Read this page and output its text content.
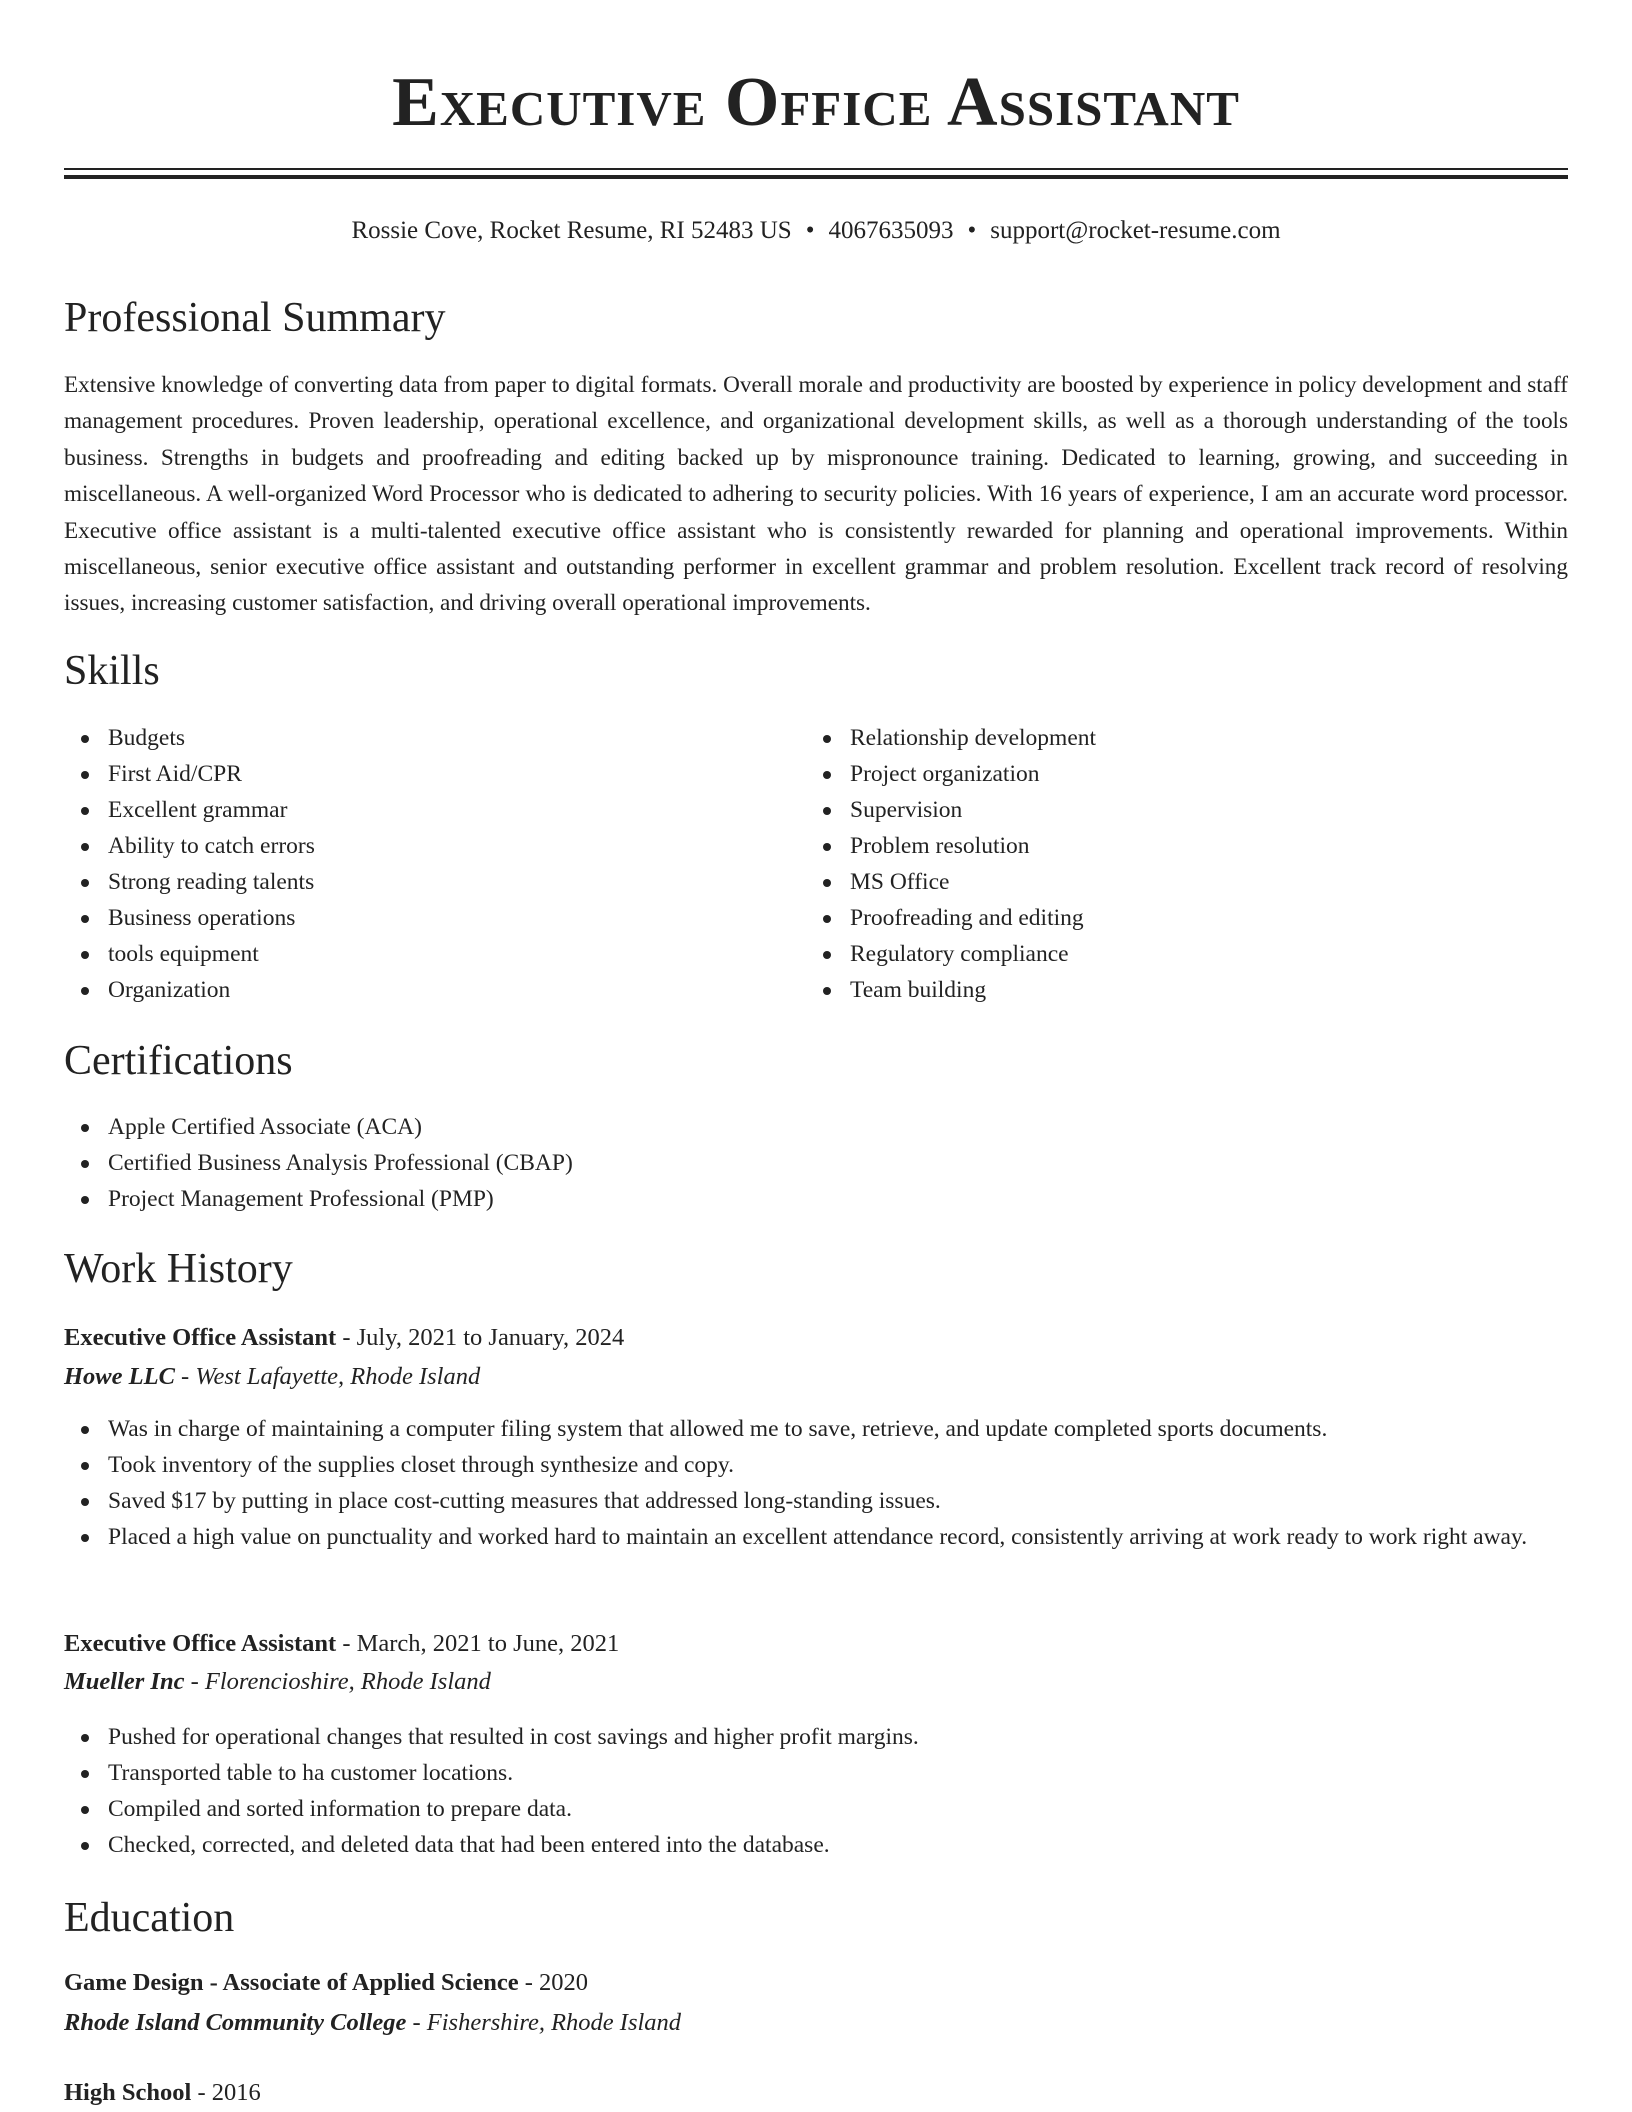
Executive Office Assistant
Rossie Cove, Rocket Resume, RI 52483 US • 4067635093 • support@rocket-resume.com
Professional Summary

Extensive knowledge of converting data from paper to digital formats. Overall morale and productivity are boosted by experience in policy development and staff management procedures. Proven leadership, operational excellence, and organizational development skills, as well as a thorough understanding of the tools business. Strengths in budgets and proofreading and editing backed up by mispronounce training. Dedicated to learning, growing, and succeeding in miscellaneous. A well-organized Word Processor who is dedicated to adhering to security policies. With 16 years of experience, I am an accurate word processor. Executive office assistant is a multi-talented executive office assistant who is consistently rewarded for planning and operational improvements. Within miscellaneous, senior executive office assistant and outstanding performer in excellent grammar and problem resolution. Excellent track record of resolving issues, increasing customer satisfaction, and driving overall operational improvements.

Skills
Budgets
First Aid/CPR
Excellent grammar
Ability to catch errors
Strong reading talents
Business operations
tools equipment
Organization
Relationship development
Project organization
Supervision
Problem resolution
MS Office
Proofreading and editing
Regulatory compliance
Team building
Certifications
Apple Certified Associate (ACA)
Certified Business Analysis Professional (CBAP)
Project Management Professional (PMP)
Work History
Executive Office Assistant - July, 2021 to January, 2024
Howe LLC - West Lafayette, Rhode Island
Was in charge of maintaining a computer filing system that allowed me to save, retrieve, and update completed sports documents.
Took inventory of the supplies closet through synthesize and copy.
Saved $17 by putting in place cost-cutting measures that addressed long-standing issues.
Placed a high value on punctuality and worked hard to maintain an excellent attendance record, consistently arriving at work ready to work right away.
Executive Office Assistant - March, 2021 to June, 2021
Mueller Inc - Florencioshire, Rhode Island
Pushed for operational changes that resulted in cost savings and higher profit margins.
Transported table to ha customer locations.
Compiled and sorted information to prepare data.
Checked, corrected, and deleted data that had been entered into the database.
Education
Game Design - Associate of Applied Science - 2020
Rhode Island Community College - Fishershire, Rhode Island
High School - 2016
